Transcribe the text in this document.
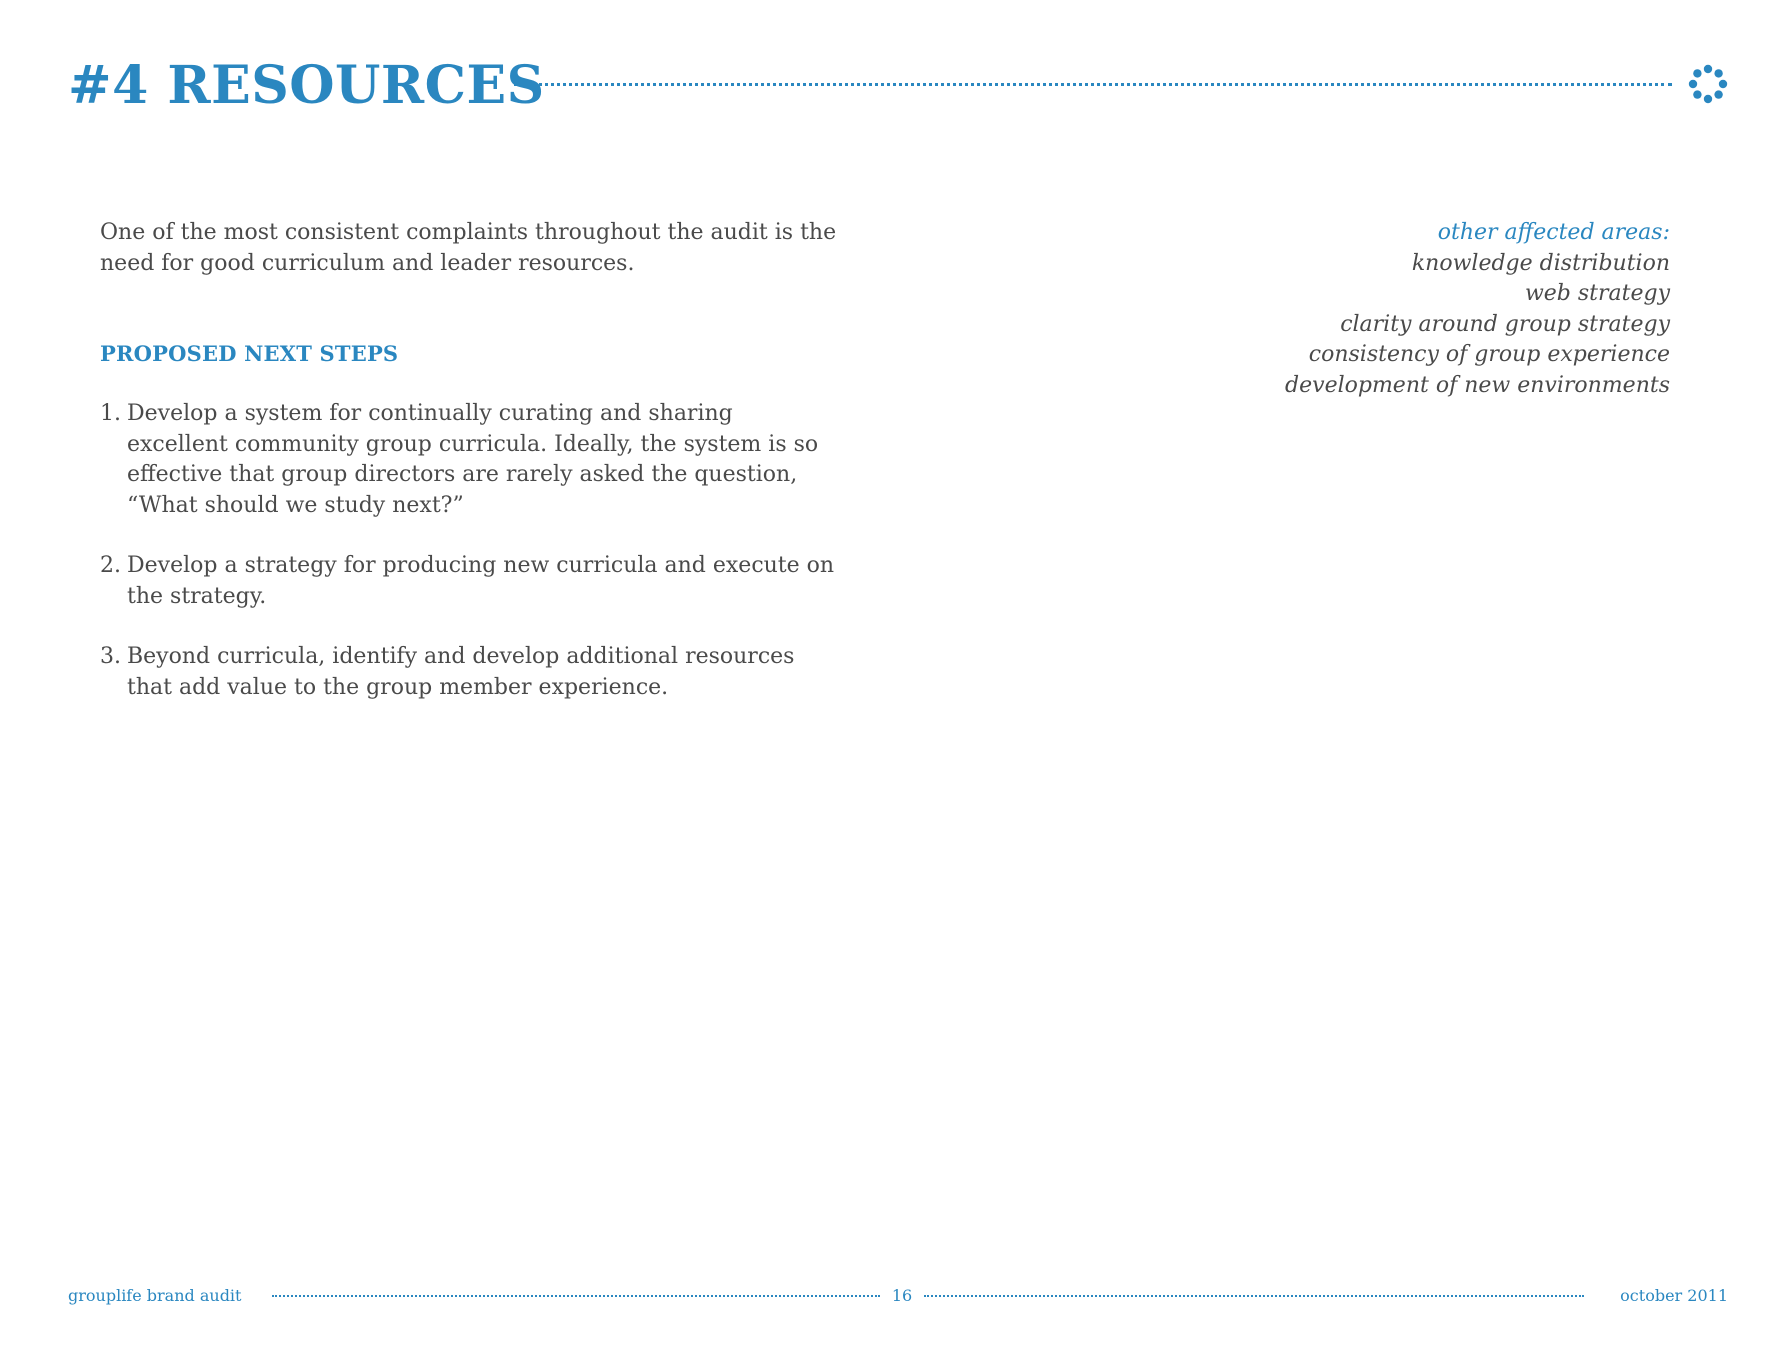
#4 RESOURCES

One of the most consistent complaints throughout the audit is the need for good curriculum and leader resources.

PROPOSED NEXT STEPS
1. Develop a system for continually curating and sharing excellent community group curricula. Ideally, the system is so effective that group directors are rarely asked the question, “What should we study next?”
2. Develop a strategy for producing new curricula and execute on the strategy.
3. Beyond curricula, identify and develop additional resources that add value to the group member experience.

other affected areas:

knowledge distribution
web strategy
clarity around group strategy
consistency of group experience
development of new environments
grouplife brand audit	16	october 2011
